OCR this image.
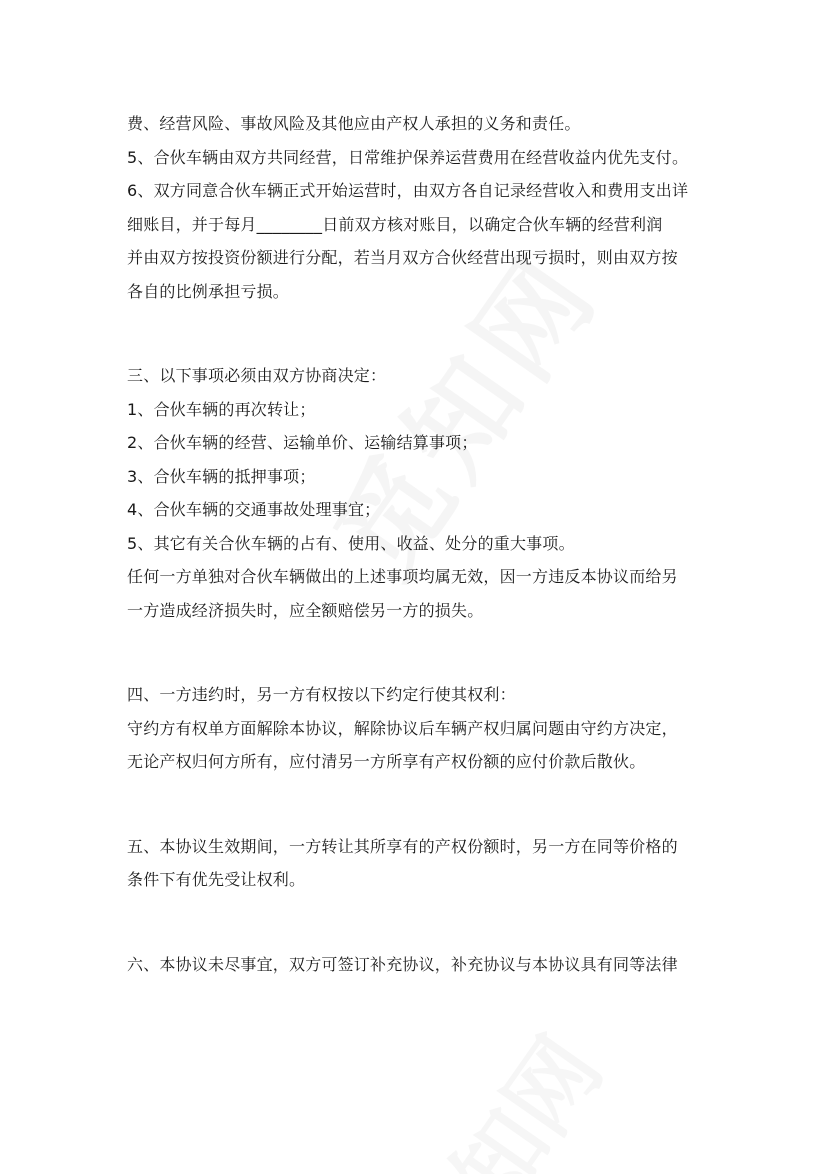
费、经营风险、事故风险及其他应由产权人承担的义务和责任。
5、合伙车辆由双方共同经营，日常维护保养运营费用在经营收益内优先支付。
6、双方同意合伙车辆正式开始运营时，由双方各自记录经营收入和费用支出详
细账目，并于每月________日前双方核对账目，以确定合伙车辆的经营利润
并由双方按投资份额进行分配，若当月双方合伙经营出现亏损时，则由双方按
各自的比例承担亏损。
三、以下事项必须由双方协商决定：
1、合伙车辆的再次转让；
2、合伙车辆的经营、运输单价、运输结算事项；
3、合伙车辆的抵押事项；
4、合伙车辆的交通事故处理事宜；
5、其它有关合伙车辆的占有、使用、收益、处分的重大事项。
任何一方单独对合伙车辆做出的上述事项均属无效，因一方违反本协议而给另
一方造成经济损失时，应全额赔偿另一方的损失。
四、一方违约时，另一方有权按以下约定行使其权利：
守约方有权单方面解除本协议，解除协议后车辆产权归属问题由守约方决定，
无论产权归何方所有，应付清另一方所享有产权份额的应付价款后散伙。
五、本协议生效期间，一方转让其所享有的产权份额时，另一方在同等价格的
条件下有优先受让权利。
六、本协议未尽事宜，双方可签订补充协议，补充协议与本协议具有同等法律
